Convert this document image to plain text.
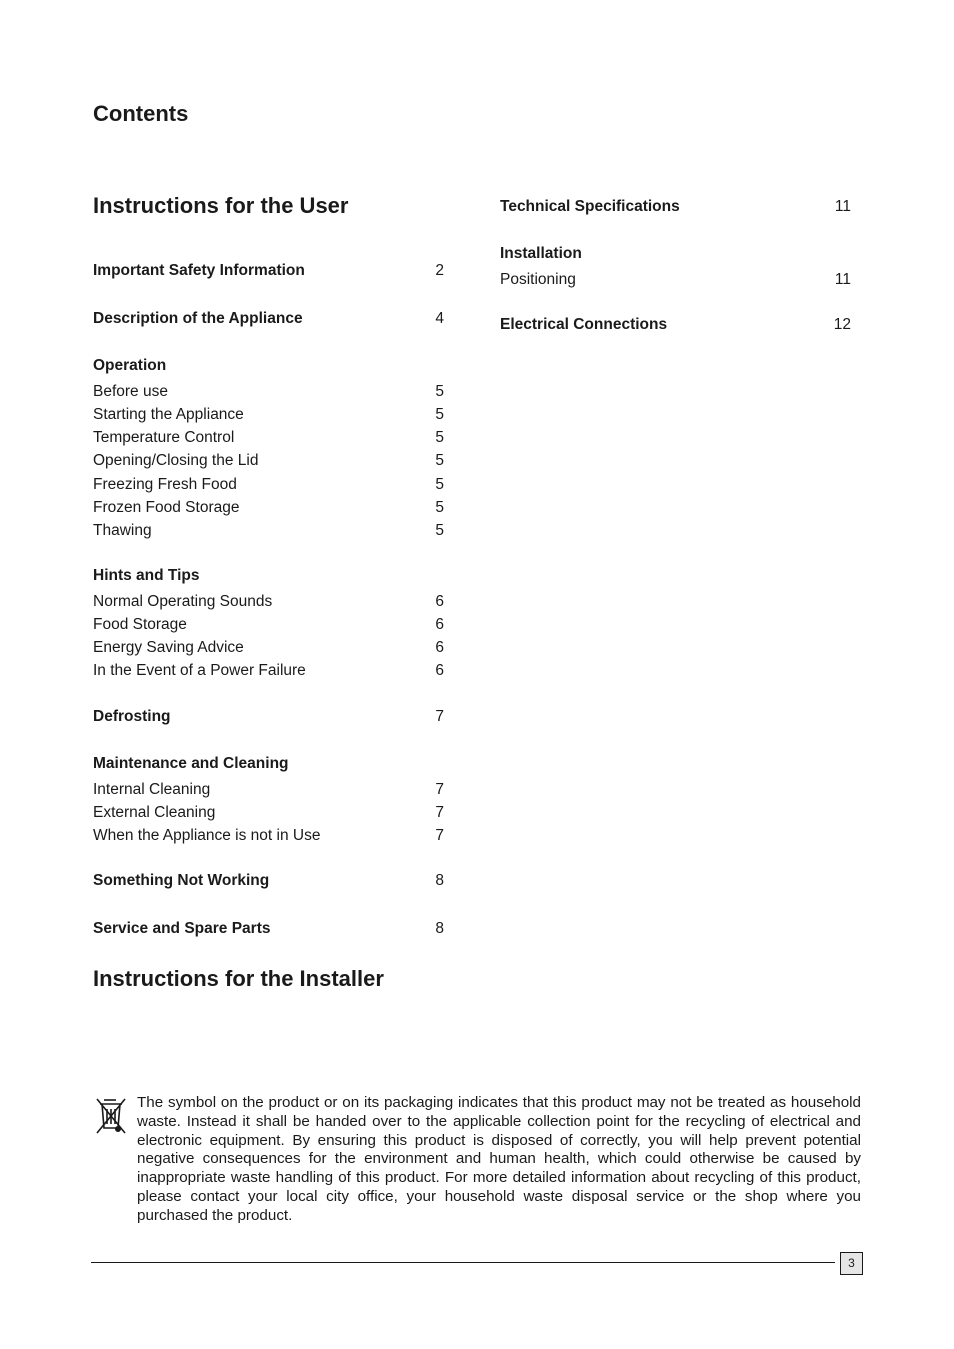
Contents
Instructions for the User
Important Safety Information	2
Description of the Appliance	4
Operation
Before use	5
Starting the Appliance	5
Temperature Control	5
Opening/Closing the Lid	5
Freezing Fresh Food	5
Frozen Food Storage	5
Thawing	5
Hints and Tips
Normal Operating Sounds	6
Food Storage	6
Energy Saving Advice	6
In the Event of a Power Failure	6
Defrosting	7
Maintenance and Cleaning
Internal Cleaning	7
External Cleaning	7
When the Appliance is not in Use	7
Something Not Working	8
Service and Spare Parts	8
Technical Specifications	11
Installation
Positioning	11
Electrical Connections	12
Instructions for the Installer
The symbol on the product or on its packaging indicates that this product may not be treated as household waste. Instead it shall be handed over to the applicable collection point for the recycling of electrical and electronic equipment. By ensuring this product is disposed of correctly, you will help prevent potential negative consequences for the environment and human health, which could otherwise be caused by inappropriate waste handling of this product. For more detailed information about recycling of this product, please contact your local city office, your household waste disposal service or the shop where you purchased the product.
3
